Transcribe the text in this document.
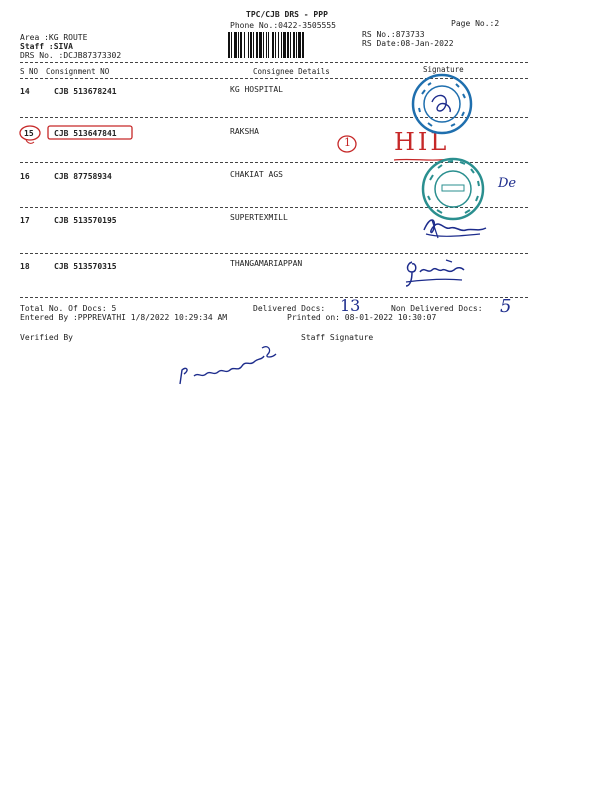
TPC/CJB DRS - PPP
Phone No.:0422-3505555	Page No.:2
RS No.:873733
RS Date:08-Jan-2022
Area :KG ROUTE
Staff :SIVA
DRS No. :DCJB87373302
S NO Consignment NO	Consignee Details	Signature
14	CJB 513678241	KG HOSPITAL
15	CJB 513647841	RAKSHA
16	CJB 87758934	CHAKIAT AGS
17	CJB 513570195	SUPERTEXMILL
18	CJB 513570315	THANGAMARIAPPAN
1 HIL
De
Total No. Of Docs: 5	Delivered Docs: 13	Non Delivered Docs: 5
Entered By :PPPREVATHI 1/8/2022 10:29:34 AM	Printed on: 08-01-2022 10:30:07
Verified By	Staff Signature
